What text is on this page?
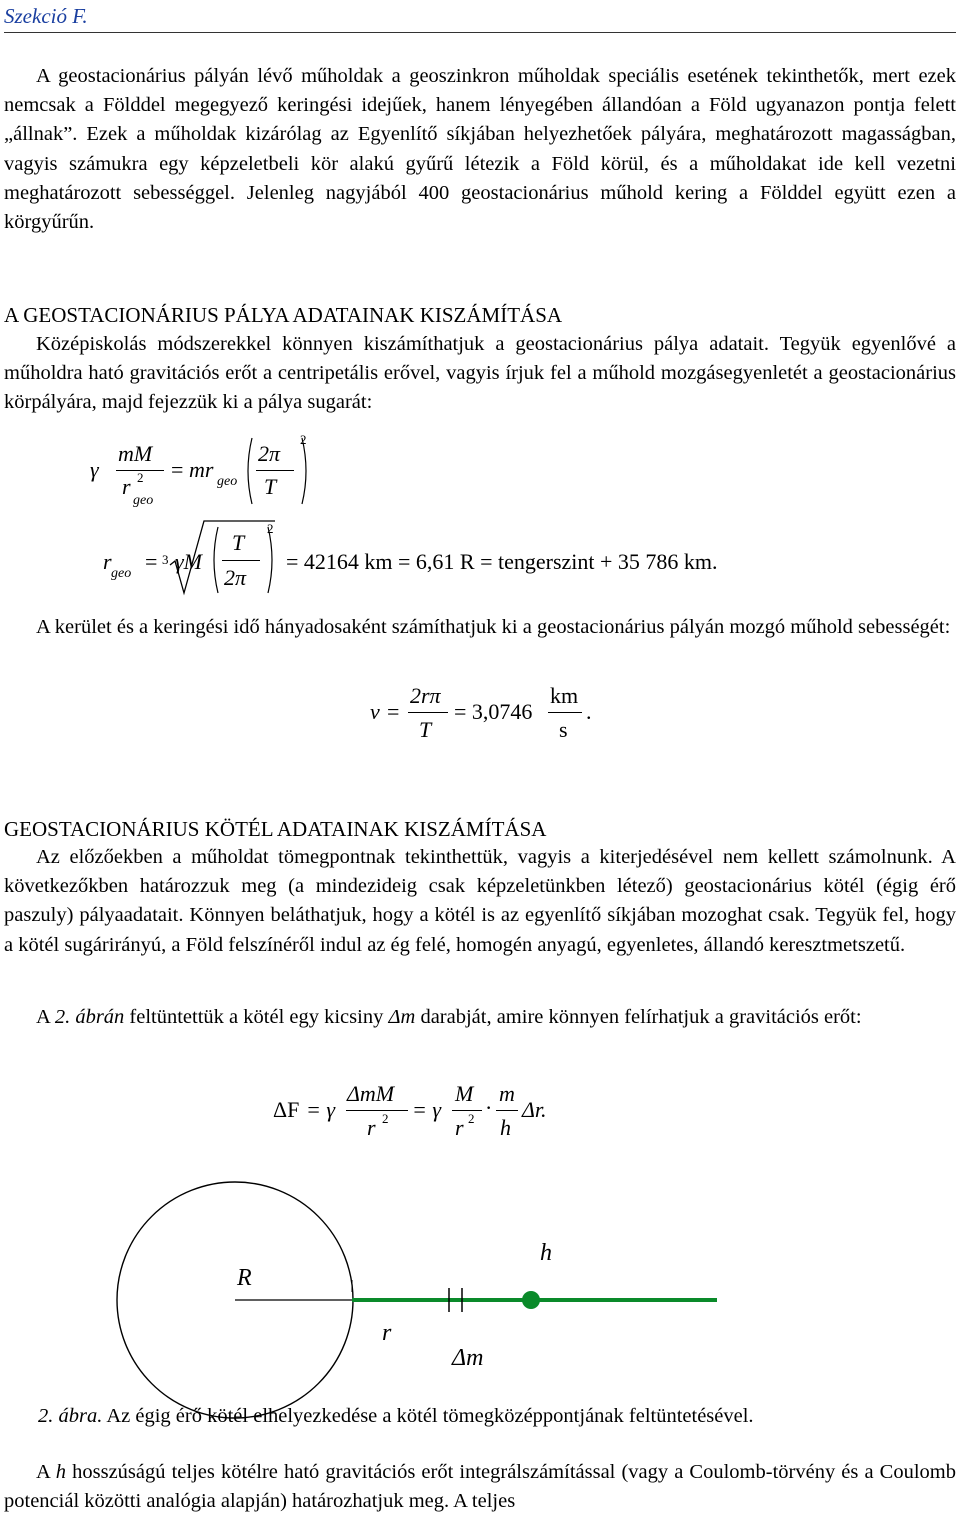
Szekció F.

A geostacionárius pályán lévő műholdak a geoszinkron műholdak speciális esetének tekinthetők, mert ezek nemcsak a Földdel megegyező keringési idejűek, hanem lényegében állandóan a Föld ugyanazon pontja felett „állnak”. Ezek a műholdak kizárólag az Egyenlítő síkjában helyezhetőek pályára, meghatározott magasságban, vagyis számukra egy képzeletbeli kör alakú gyűrű létezik a Föld körül, és a műholdakat ide kell vezetni meghatározott sebességgel. Jelenleg nagyjából 400 geostacionárius műhold kering a Földdel együtt ezen a körgyűrűn.

A GEOSTACIONÁRIUS PÁLYA ADATAINAK KISZÁMÍTÁSA

Középiskolás módszerekkel könnyen kiszámíthatjuk a geostacionárius pálya adatait. Tegyük egyenlővé a műholdra ható gravitációs erőt a centripetális erővel, vagyis írjuk fel a műhold mozgásegyenletét a geostacionárius körpályára, majd fejezzük ki a pálya sugarát:

γ
mM
r 2
geo
= mr geo
2π
T
2
r geo = 3 γM
T
2π
2
= 42164 km = 6,61 R = tengerszint + 35 786 km.

A kerület és a keringési idő hányadosaként számíthatjuk ki a geostacionárius pályán mozgó műhold sebességét:

v =
2rπ
T
= 3,0746
km
s
.
GEOSTACIONÁRIUS KÖTÉL ADATAINAK KISZÁMÍTÁSA

Az előzőekben a műholdat tömegpontnak tekinthettük, vagyis a kiterjedésével nem kellett számolnunk. A következőkben határozzuk meg (a mindezideig csak képzeletünkben létező) geostacionárius kötél (égig érő paszuly) pályaadatait. Könnyen beláthatjuk, hogy a kötél is az egyenlítő síkjában mozoghat csak. Tegyük fel, hogy a kötél sugárirányú, a Föld felszínéről indul az ég felé, homogén anyagú, egyenletes, állandó keresztmetszetű.

A 2. ábrán feltüntettük a kötél egy kicsiny Δm darabját, amire könnyen felírhatjuk a gravitációs erőt:

ΔF = γ
ΔmM
r 2 = γ
M
r 2 ·
m
h
Δr.
R
h
r
Δm
2. ábra. Az égig érő kötél elhelyezkedése a kötél tömegközéppontjának feltüntetésével.

A h hosszúságú teljes kötélre ható gravitációs erőt integrálszámítással (vagy a Coulomb-törvény és a Coulomb potenciál közötti analógia alapján) határozhatjuk meg. A teljes
